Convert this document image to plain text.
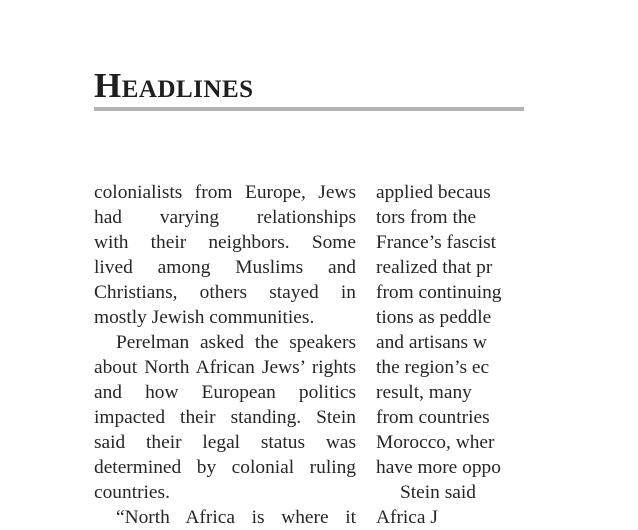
Headlines
colonialists from Europe, Jews
had varying relationships
with their neighbors. Some
lived among Muslims and
Christians, others stayed in
mostly Jewish communities.
Perelman asked the speakers
about North African Jews’ rights
and how European politics
impacted their standing. Stein
said their legal status was
determined by colonial ruling
countries.
“North Africa is where it
applied becaus
tors from the
France’s fascist
realized that pr
from continuing
tions as peddle
and artisans w
the region’s ec
result, many
from countries
Morocco, wher
have more oppo
Stein said
Africa J
